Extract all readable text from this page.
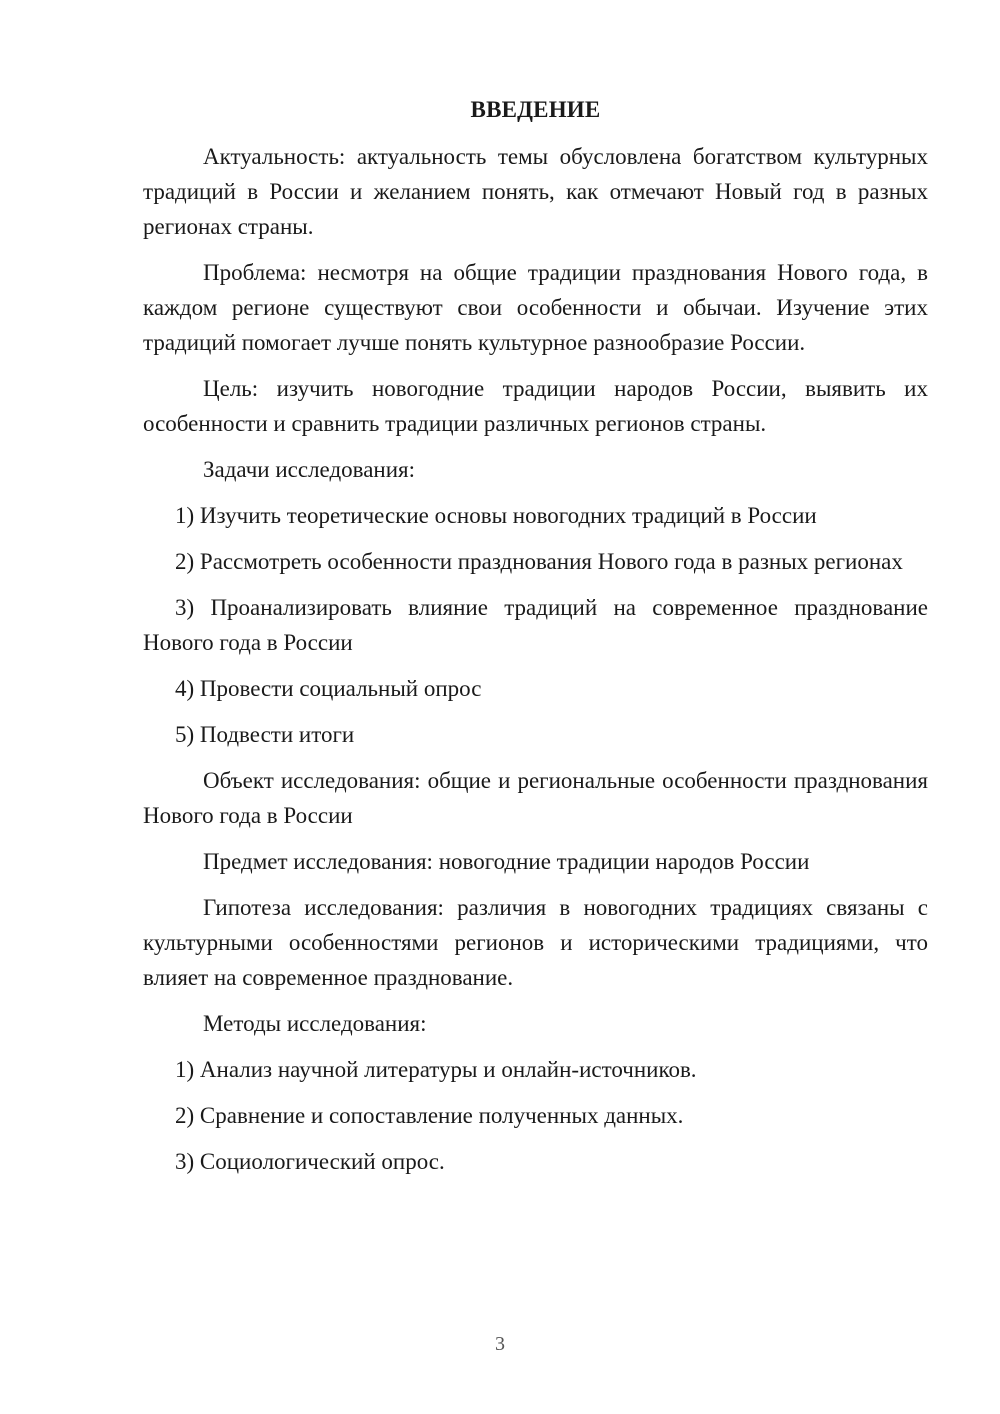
ВВЕДЕНИЕ

Актуальность: актуальность темы обусловлена богатством культурных традиций в России и желанием понять, как отмечают Новый год в разных регионах страны.

Проблема: несмотря на общие традиции празднования Нового года, в каждом регионе существуют свои особенности и обычаи. Изучение этих традиций помогает лучше понять культурное разнообразие России.

Цель: изучить новогодние традиции народов России, выявить их особенности и сравнить традиции различных регионов страны.

Задачи исследования:

1) Изучить теоретические основы новогодних традиций в России

2) Рассмотреть особенности празднования Нового года в разных регионах

3) Проанализировать влияние традиций на современное празднование Нового года в России

4) Провести социальный опрос

5) Подвести итоги

Объект исследования: общие и региональные особенности празднования Нового года в России

Предмет исследования: новогодние традиции народов России

Гипотеза исследования: различия в новогодних традициях связаны с культурными особенностями регионов и историческими традициями, что влияет на современное празднование.

Методы исследования:

1) Анализ научной литературы и онлайн-источников.

2) Сравнение и сопоставление полученных данных.

3) Социологический опрос.

3
